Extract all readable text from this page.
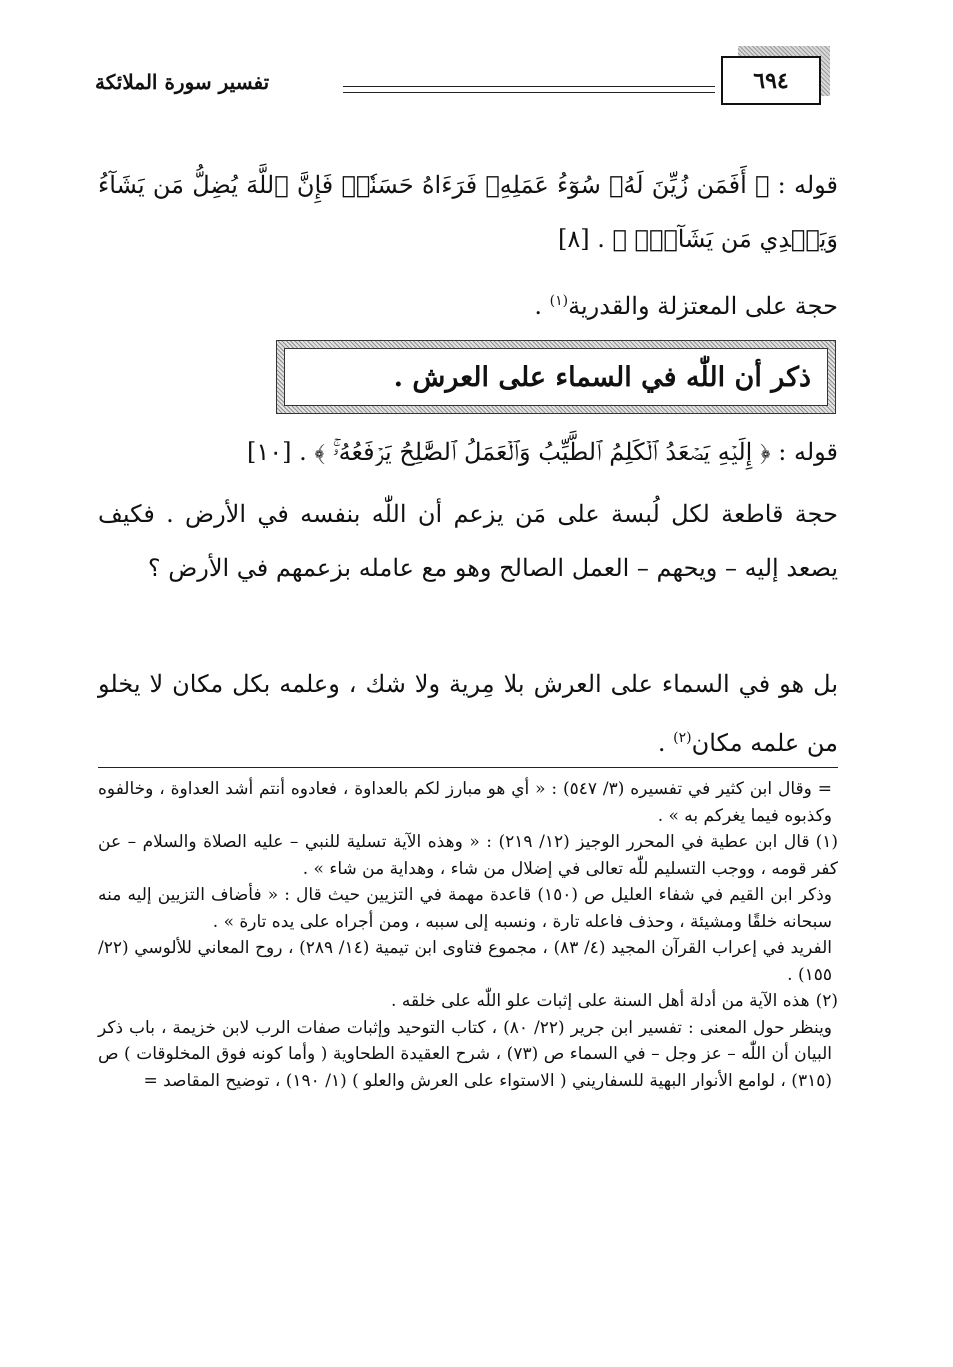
٦٩٤
تفسير سورة الملائكة
قوله : ﴿ أَفَمَن زُيِّنَ لَهُۥ سُوٓءُ عَمَلِهِۦ فَرَءَاهُ حَسَنٗاۖ فَإِنَّ ٱللَّهَ يُضِلُّ مَن يَشَآءُ وَيَهۡدِي مَن يَشَآءُۖ ﴾ . [٨]
حجة على المعتزلة والقدرية$^{(١)}$ .
ذكر أن اللّٰه في السماء على العرش .
قوله : ﴿ إِلَيۡهِ يَصۡعَدُ ٱلۡكَلِمُ ٱلطَّيِّبُ وَٱلۡعَمَلُ ٱلصَّٰلِحُ يَرۡفَعُهُۥۚ ﴾ . [١٠]
حجة قاطعة لكل لُبسة على مَن يزعم أن اللّٰه بنفسه في الأرض . فكيف يصعد إليه – ويحهم – العمل الصالح وهو مع عامله بزعمهم في الأرض ؟
بل هو في السماء على العرش بلا مِرية ولا شك ، وعلمه بكل مكان لا يخلو من علمه مكان$^{(٢)}$ .
= وقال ابن كثير في تفسيره (٣/ ٥٤٧) : « أي هو مبارز لكم بالعداوة ، فعادوه أنتم أشد العداوة ، وخالفوه وكذبوه فيما يغركم به » .
(١)قال ابن عطية في المحرر الوجيز (١٢/ ٢١٩) : « وهذه الآية تسلية للنبي – عليه الصلاة والسلام – عن كفر قومه ، ووجب التسليم للّٰه تعالى في إضلال من شاء ، وهداية من شاء » .
وذكر ابن القيم في شفاء العليل ص (١٥٠) قاعدة مهمة في التزيين حيث قال : « فأضاف التزيين إليه منه سبحانه خلقًا ومشيئة ، وحذف فاعله تارة ، ونسبه إلى سببه ، ومن أجراه على يده تارة » .
الفريد في إعراب القرآن المجيد (٤/ ٨٣) ، مجموع فتاوى ابن تيمية (١٤/ ٢٨٩) ، روح المعاني للألوسي (٢٢/ ١٥٥) .
(٢)هذه الآية من أدلة أهل السنة على إثبات علو اللّٰه على خلقه .
وينظر حول المعنى : تفسير ابن جرير (٢٢/ ٨٠) ، كتاب التوحيد وإثبات صفات الرب لابن خزيمة ، باب ذكر البيان أن اللّٰه – عز وجل – في السماء ص (٧٣) ، شرح العقيدة الطحاوية ( وأما كونه فوق المخلوقات ) ص (٣١٥) ، لوامع الأنوار البهية للسفاريني ( الاستواء على العرش والعلو ) (١/ ١٩٠) ، توضيح المقاصد =
